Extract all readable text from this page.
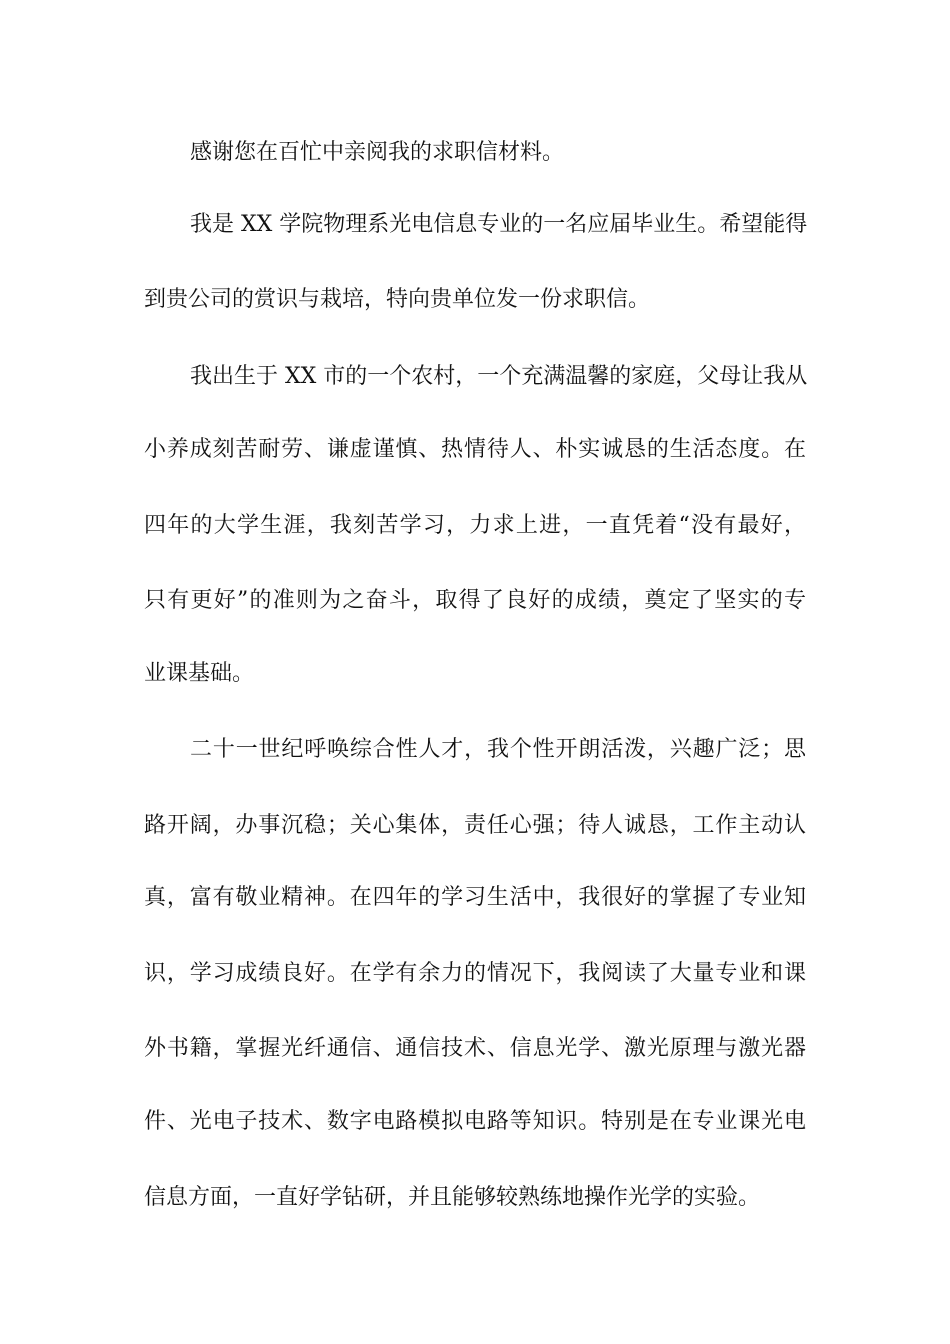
感谢您在百忙中亲阅我的求职信材料。
我是 XX 学院物理系光电信息专业的一名应届毕业生。希望能得
到贵公司的赏识与栽培，特向贵单位发一份求职信。
我出生于 XX 市的一个农村，一个充满温馨的家庭，父母让我从
小养成刻苦耐劳、谦虚谨慎、热情待人、朴实诚恳的生活态度。在
四年的大学生涯，我刻苦学习，力求上进，一直凭着“没有最好，
只有更好”的准则为之奋斗，取得了良好的成绩，奠定了坚实的专
业课基础。
二十一世纪呼唤综合性人才，我个性开朗活泼，兴趣广泛；思
路开阔，办事沉稳；关心集体，责任心强；待人诚恳，工作主动认
真，富有敬业精神。在四年的学习生活中，我很好的掌握了专业知
识，学习成绩良好。在学有余力的情况下，我阅读了大量专业和课
外书籍，掌握光纤通信、通信技术、信息光学、激光原理与激光器
件、光电子技术、数字电路模拟电路等知识。特别是在专业课光电
信息方面，一直好学钻研，并且能够较熟练地操作光学的实验。
